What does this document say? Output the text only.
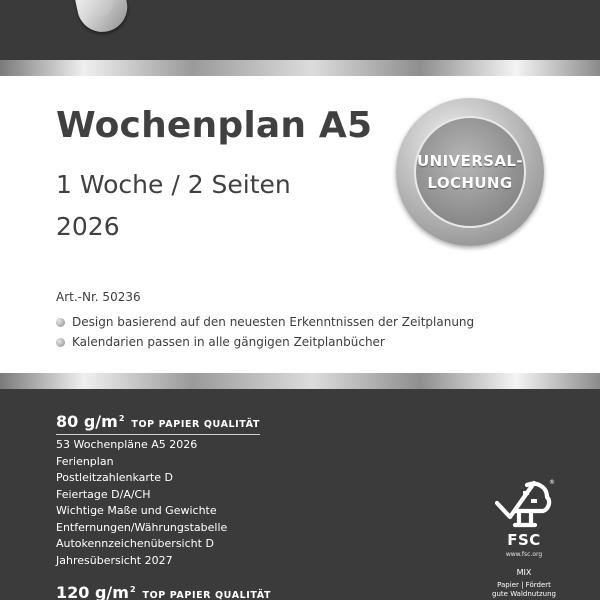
Wochenplan A5
1 Woche / 2 Seiten
2026
Art.-Nr. 50236
Design basierend auf den neuesten Erkenntnissen der Zeitplanung
Kalendarien passen in alle gängigen Zeitplanbücher
UNIVERSAL-
LOCHUNG
80 $g/m^2$
TOP PAPIER QUALITÄT
53 Wochenpläne A5 2026
Ferienplan
Postleitzahlenkarte D
Feiertage D/A/CH
Wichtige Maße und Gewichte
Entfernungen/Währungstabelle
Autokennzeichenübersicht D
Jahresübersicht 2027
120 $g/m^2$
TOP PAPIER QUALITÄT
®
FSC
www.fsc.org
MIX
Papier | Fördert
gute Waldnutzung
